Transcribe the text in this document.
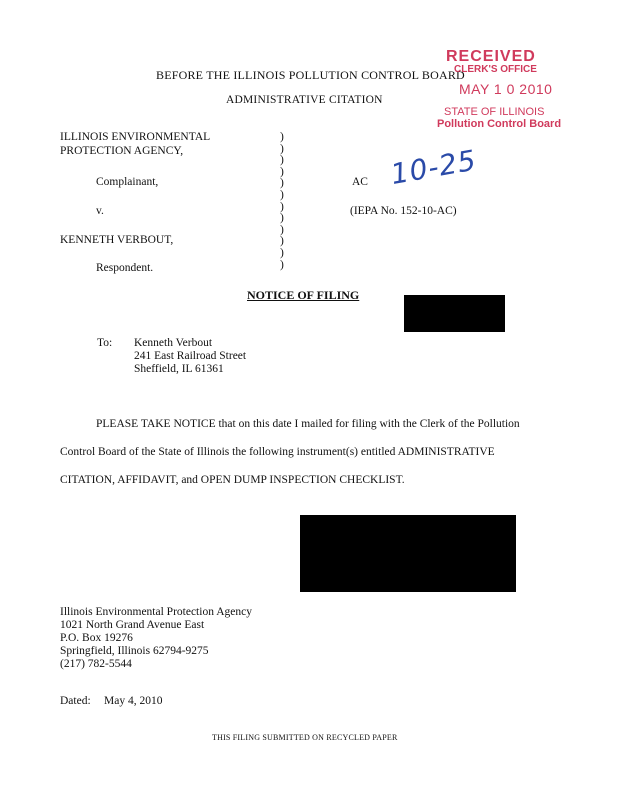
BEFORE THE ILLINOIS POLLUTION CONTROL BOARD
ADMINISTRATIVE CITATION
RECEIVED
CLERK'S OFFICE
MAY 1 0 2010
STATE OF ILLINOIS
Pollution Control Board
ILLINOIS ENVIRONMENTAL
PROTECTION AGENCY,
Complainant,
v.
KENNETH VERBOUT,
Respondent.
)
)
)
)
)
)
)
)
)
)
)
)
AC 10-25
(IEPA No. 152-10-AC)
NOTICE OF FILING
To: Kenneth Verbout
241 East Railroad Street
Sheffield, IL 61361
PLEASE TAKE NOTICE that on this date I mailed for filing with the Clerk of the Pollution
Control Board of the State of Illinois the following instrument(s) entitled ADMINISTRATIVE
CITATION, AFFIDAVIT, and OPEN DUMP INSPECTION CHECKLIST.
Illinois Environmental Protection Agency
1021 North Grand Avenue East
P.O. Box 19276
Springfield, Illinois 62794-9275
(217) 782-5544
Dated: May 4, 2010
THIS FILING SUBMITTED ON RECYCLED PAPER
